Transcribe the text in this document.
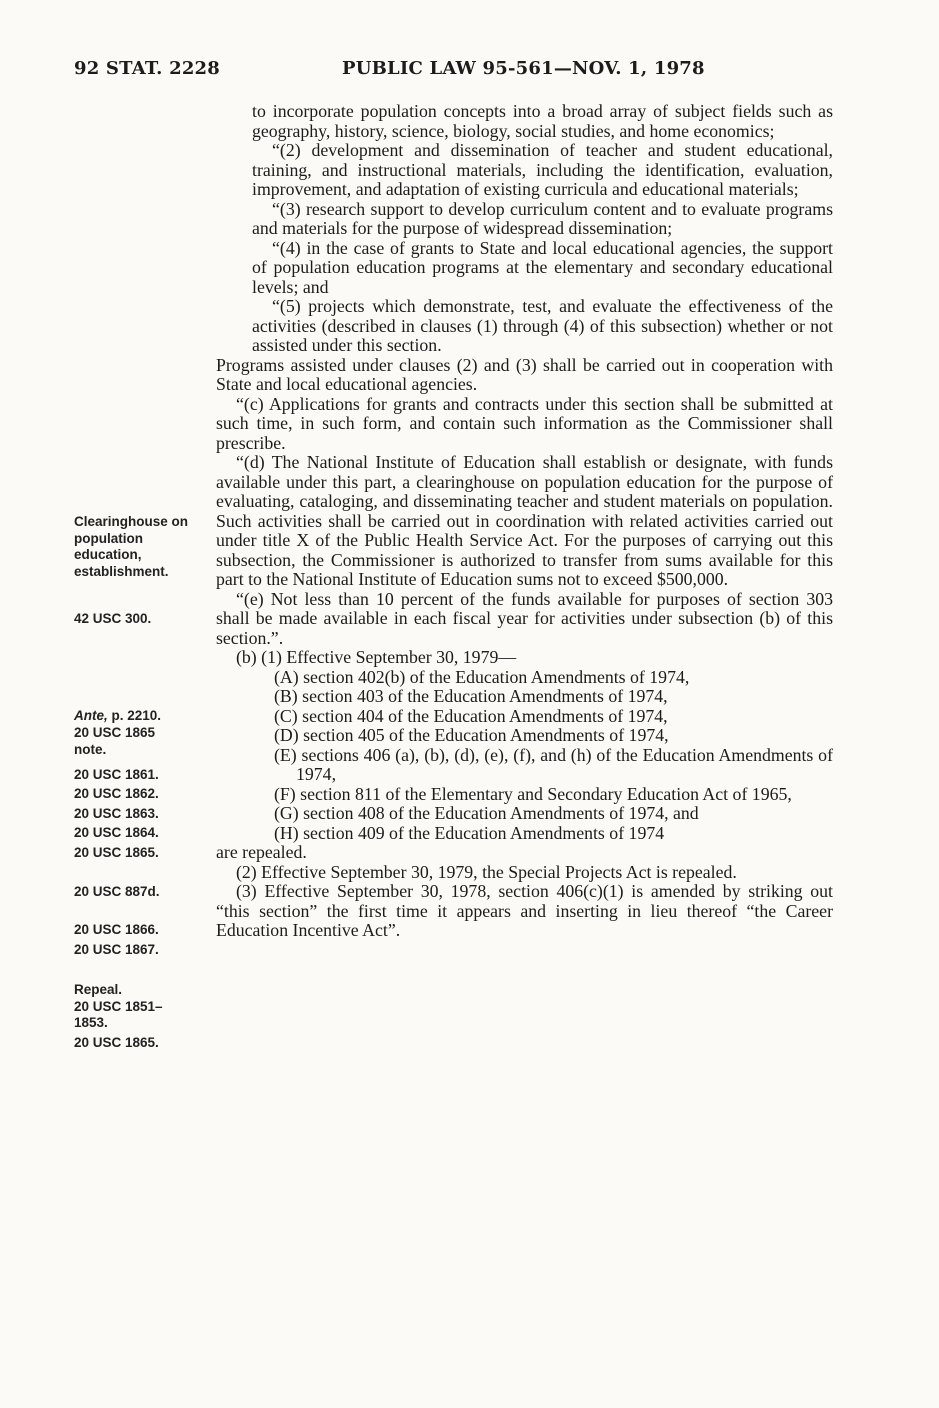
92 STAT. 2228	PUBLIC LAW 95-561—NOV. 1, 1978

to incorporate population concepts into a broad array of subject fields such as geography, history, science, biology, social studies, and home economics;

“(2) development and dissemination of teacher and student educational, training, and instructional materials, including the identification, evaluation, improvement, and adaptation of existing curricula and educational materials;

“(3) research support to develop curriculum content and to evaluate programs and materials for the purpose of widespread dissemination;

“(4) in the case of grants to State and local educational agencies, the support of population education programs at the elementary and secondary educational levels; and

“(5) projects which demonstrate, test, and evaluate the effectiveness of the activities (described in clauses (1) through (4) of this subsection) whether or not assisted under this section.

Programs assisted under clauses (2) and (3) shall be carried out in cooperation with State and local educational agencies.

“(c) Applications for grants and contracts under this section shall be submitted at such time, in such form, and contain such information as the Commissioner shall prescribe.

“(d) The National Institute of Education shall establish or designate, with funds available under this part, a clearinghouse on population education for the purpose of evaluating, cataloging, and disseminating teacher and student materials on population. Such activities shall be carried out in coordination with related activities carried out under title X of the Public Health Service Act. For the purposes of carrying out this subsection, the Commissioner is authorized to transfer from sums available for this part to the National Institute of Education sums not to exceed $500,000.

“(e) Not less than 10 percent of the funds available for purposes of section 303 shall be made available in each fiscal year for activities under subsection (b) of this section.”.

(b) (1) Effective September 30, 1979—

(A) section 402(b) of the Education Amendments of 1974,

(B) section 403 of the Education Amendments of 1974,

(C) section 404 of the Education Amendments of 1974,

(D) section 405 of the Education Amendments of 1974,

(E) sections 406 (a), (b), (d), (e), (f), and (h) of the Education Amendments of 1974,

(F) section 811 of the Elementary and Secondary Education Act of 1965,

(G) section 408 of the Education Amendments of 1974, and

(H) section 409 of the Education Amendments of 1974

are repealed.

(2) Effective September 30, 1979, the Special Projects Act is repealed.

(3) Effective September 30, 1978, section 406(c)(1) is amended by striking out “this section” the first time it appears and inserting in lieu thereof “the Career Education Incentive Act”.

Clearinghouse on
population
education,
establishment.
42 USC 300.
Ante, p. 2210.
20 USC 1865
note.
20 USC 1861.
20 USC 1862.
20 USC 1863.
20 USC 1864.
20 USC 1865.
20 USC 887d.
20 USC 1866.
20 USC 1867.
Repeal.
20 USC 1851–
1853.
20 USC 1865.
